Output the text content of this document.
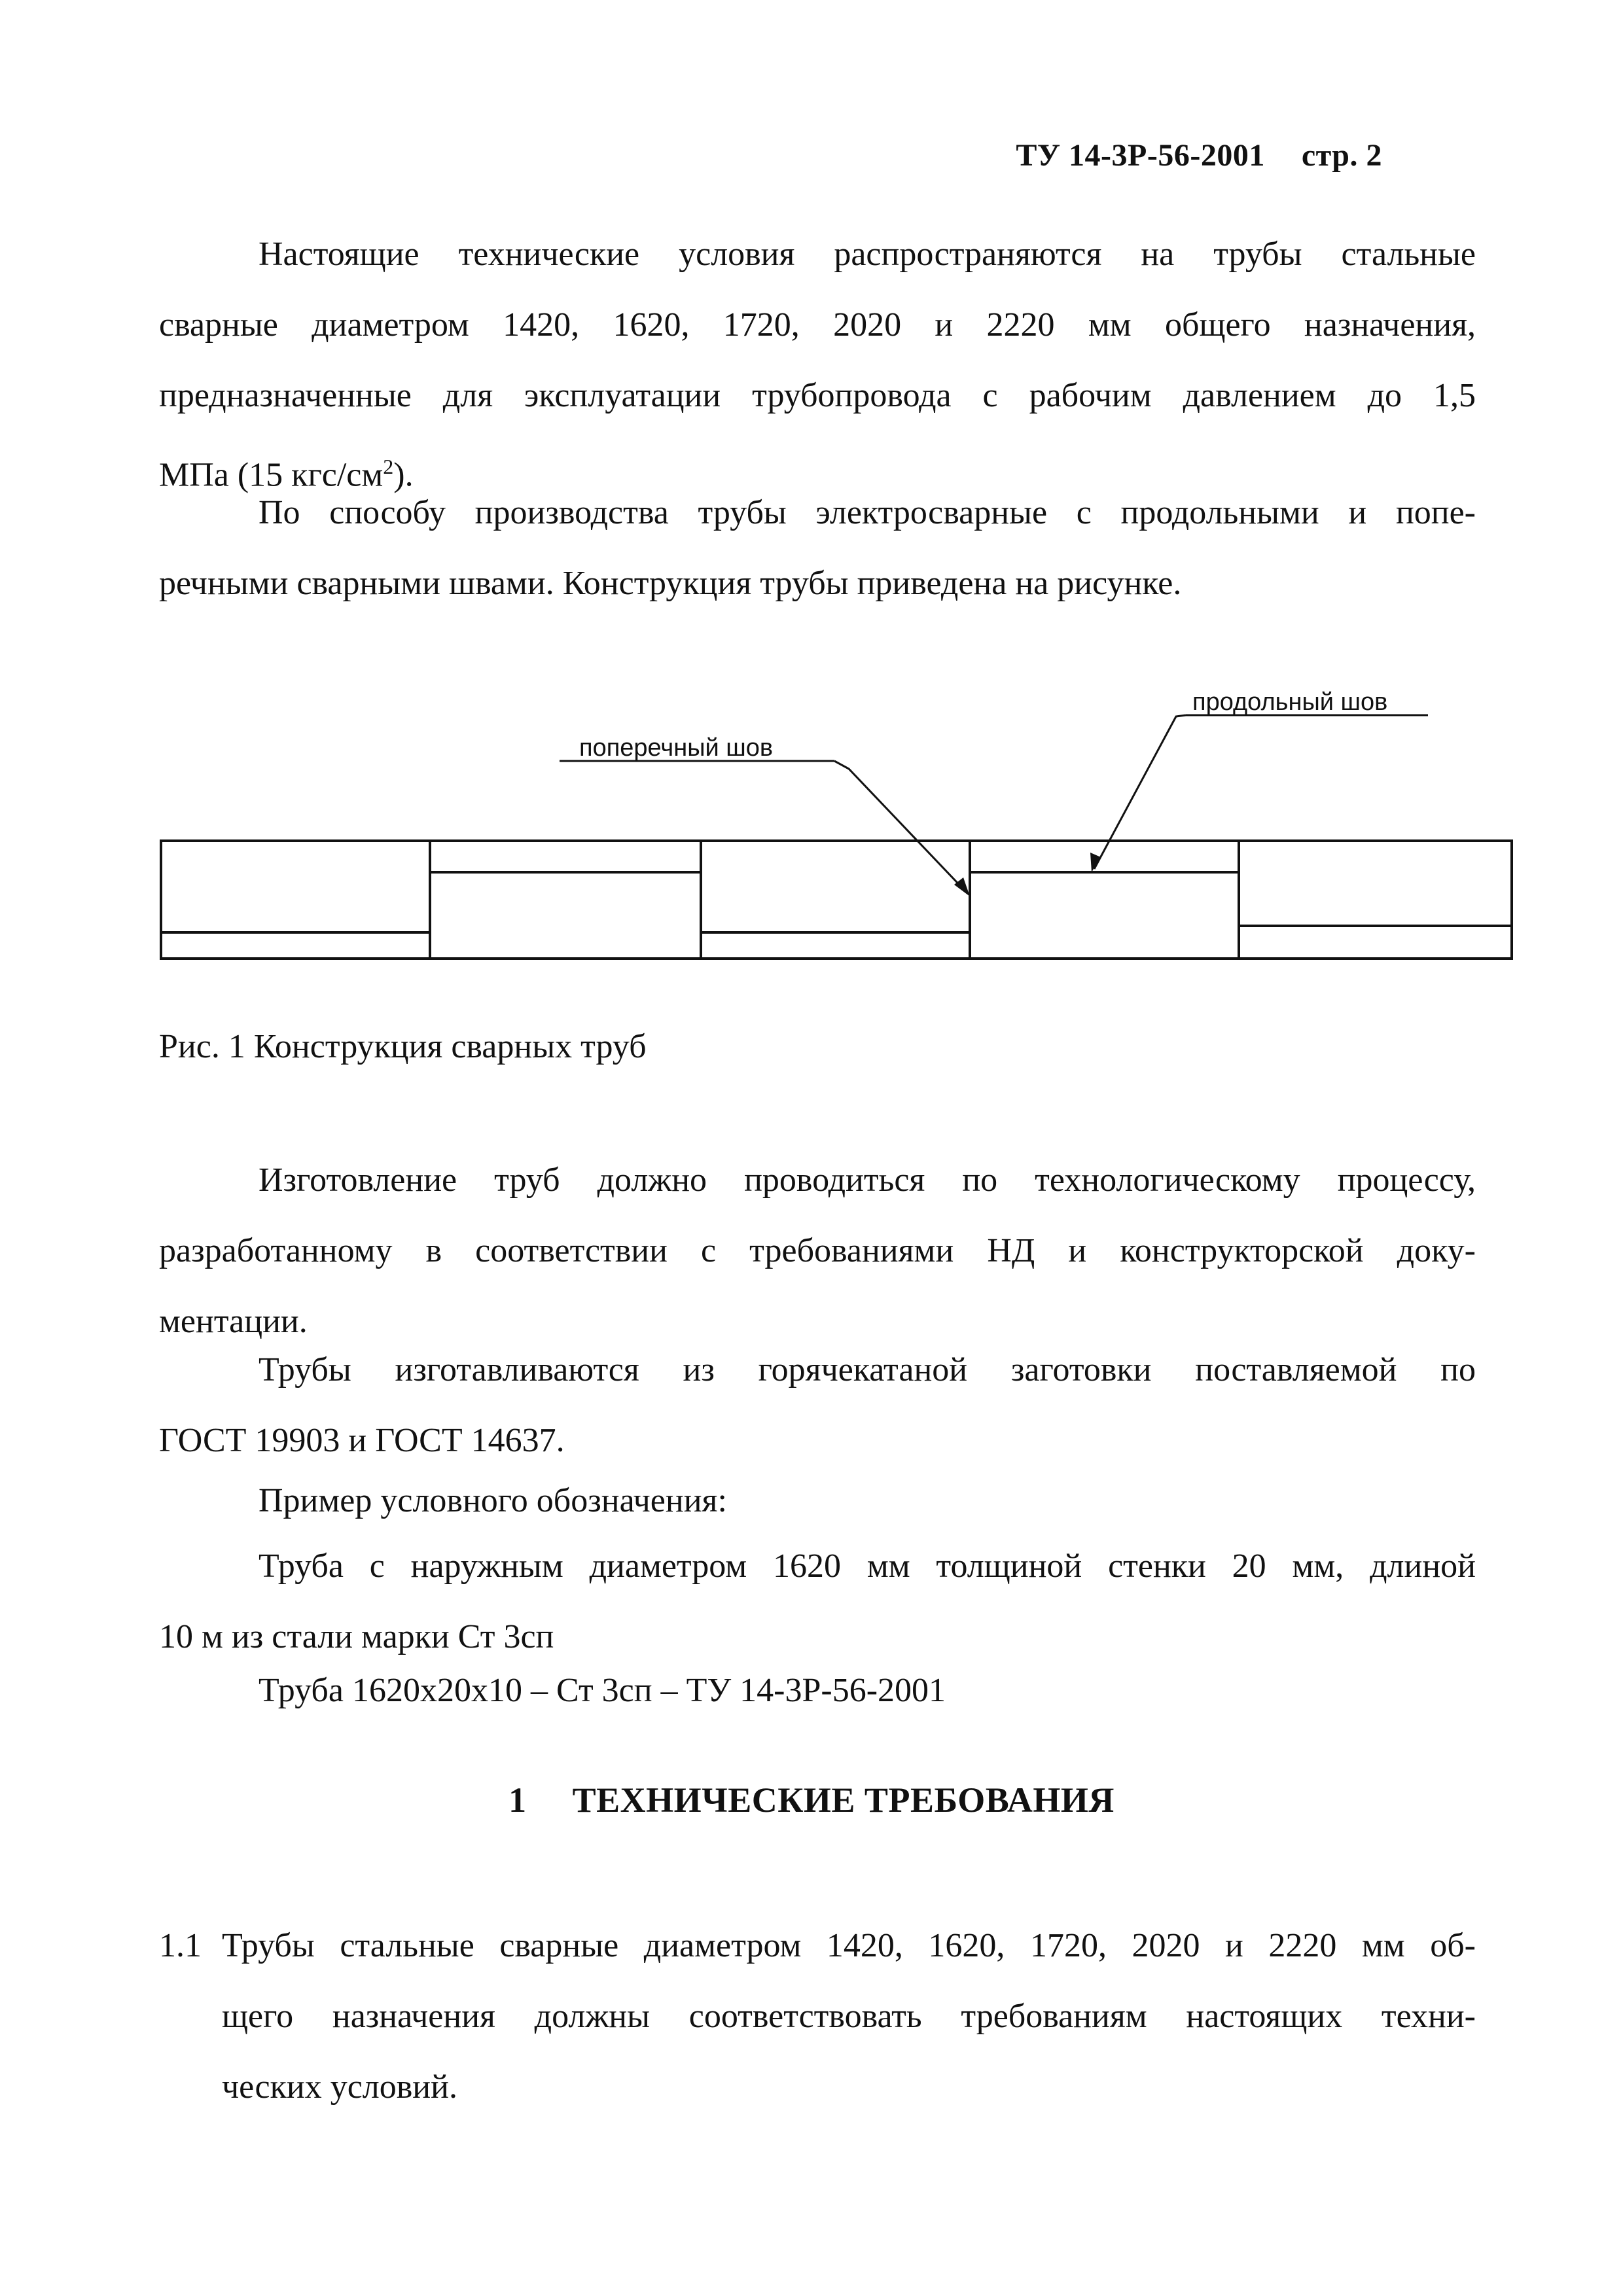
ТУ 14-3Р-56-2001 стр. 2
Настоящие технические условия распространяются на трубы стальные
сварные диаметром 1420, 1620, 1720, 2020 и 2220 мм общего назначения,
предназначенные для эксплуатации трубопровода с рабочим давлением до 1,5
МПа (15 кгс/$см^2$).
По способу производства трубы электросварные с продольными и попе-
речными сварными швами. Конструкция трубы приведена на рисунке.
поперечный шов
продольный шов
Рис. 1 Конструкция сварных труб
Изготовление труб должно проводиться по технологическому процессу,
разработанному в соответствии с требованиями НД и конструкторской доку-
ментации.
Трубы изготавливаются из горячекатаной заготовки поставляемой по
ГОСТ 19903 и ГОСТ 14637.
Пример условного обозначения:
Труба с наружным диаметром 1620 мм толщиной стенки 20 мм, длиной
10 м из стали марки Ст 3сп
Труба 1620х20х10 – Ст 3сп – ТУ 14-3Р-56-2001
1 ТЕХНИЧЕСКИЕ ТРЕБОВАНИЯ
1.1 Трубы стальные сварные диаметром 1420, 1620, 1720, 2020 и 2220 мм об-
щего назначения должны соответствовать требованиям настоящих техни-
ческих условий.
